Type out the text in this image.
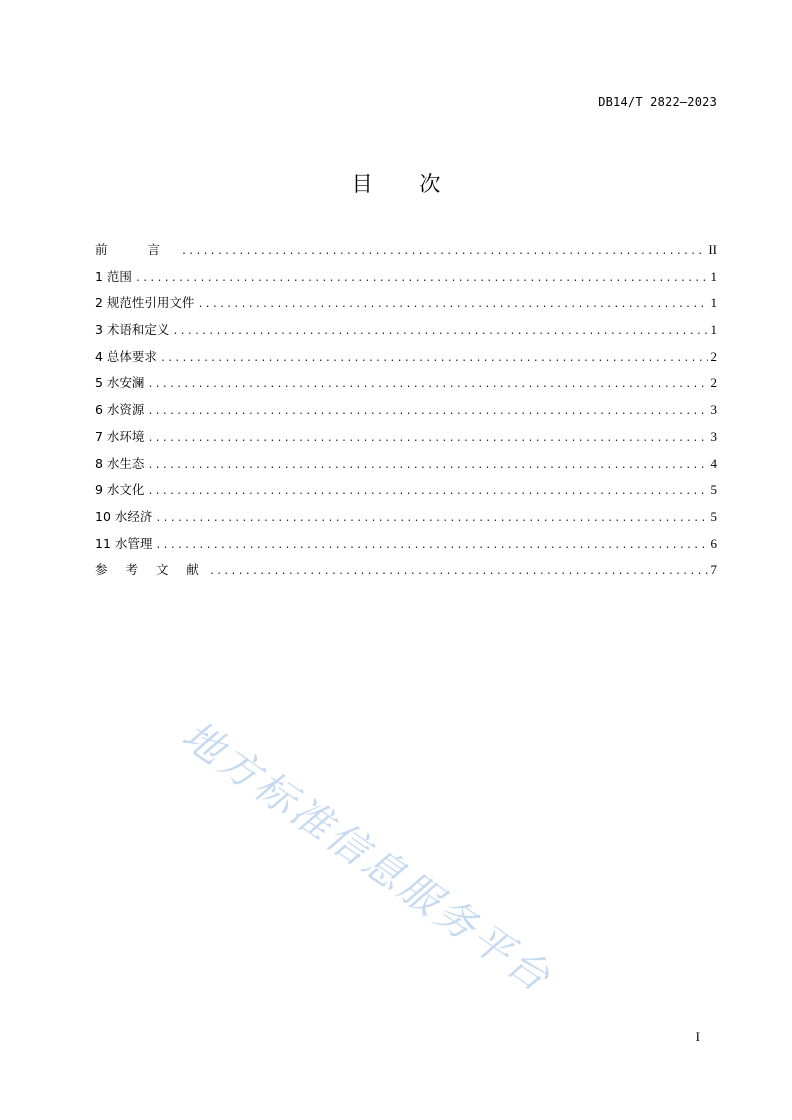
DB14/T 2822—2023
目 次
前 言 .....	II
1 范围 .....	1
2 规范性引用文件 .....	1
3 术语和定义 .....	1
4 总体要求 .....	2
5 水安澜 .....	2
6 水资源 .....	3
7 水环境 .....	3
8 水生态 .....	4
9 水文化 .....	5
10 水经济 .....	5
11 水管理 .....	6
参 考 文 献 .....	7
地方标准信息服务平台
I
